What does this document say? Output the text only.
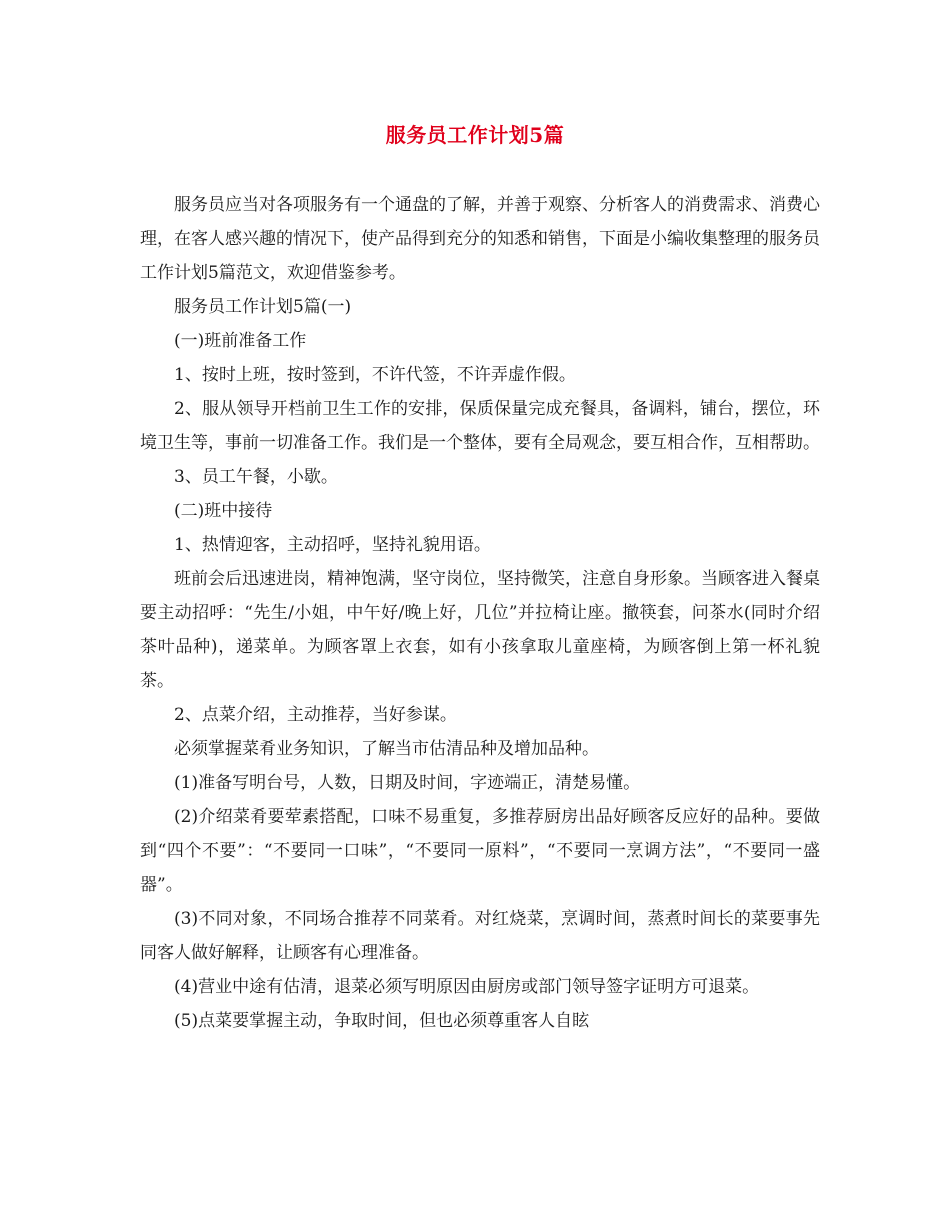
服务员工作计划5篇

服务员应当对各项服务有一个通盘的了解，并善于观察、分析客人的消费需求、消费心理，在客人感兴趣的情况下，使产品得到充分的知悉和销售，下面是小编收集整理的服务员工作计划5篇范文，欢迎借鉴参考。

服务员工作计划5篇(一)

(一)班前准备工作

1、按时上班，按时签到，不许代签，不许弄虚作假。

2、服从领导开档前卫生工作的安排，保质保量完成充餐具，备调料，铺台，摆位，环境卫生等，事前一切准备工作。我们是一个整体，要有全局观念，要互相合作，互相帮助。

3、员工午餐，小歇。

(二)班中接待

1、热情迎客，主动招呼，坚持礼貌用语。

班前会后迅速进岗，精神饱满，坚守岗位，坚持微笑，注意自身形象。当顾客进入餐桌要主动招呼：“先生/小姐，中午好/晚上好，几位”并拉椅让座。撤筷套，问茶水(同时介绍茶叶品种)，递菜单。为顾客罩上衣套，如有小孩拿取儿童座椅，为顾客倒上第一杯礼貌茶。

2、点菜介绍，主动推荐，当好参谋。

必须掌握菜肴业务知识，了解当市估清品种及增加品种。

(1)准备写明台号，人数，日期及时间，字迹端正，清楚易懂。

(2)介绍菜肴要荤素搭配，口味不易重复，多推荐厨房出品好顾客反应好的品种。要做到“四个不要”：“不要同一口味”，“不要同一原料”，“不要同一烹调方法”，“不要同一盛器”。

(3)不同对象，不同场合推荐不同菜肴。对红烧菜，烹调时间，蒸煮时间长的菜要事先同客人做好解释，让顾客有心理准备。

(4)营业中途有估清，退菜必须写明原因由厨房或部门领导签字证明方可退菜。

(5)点菜要掌握主动，争取时间，但也必须尊重客人自眩
